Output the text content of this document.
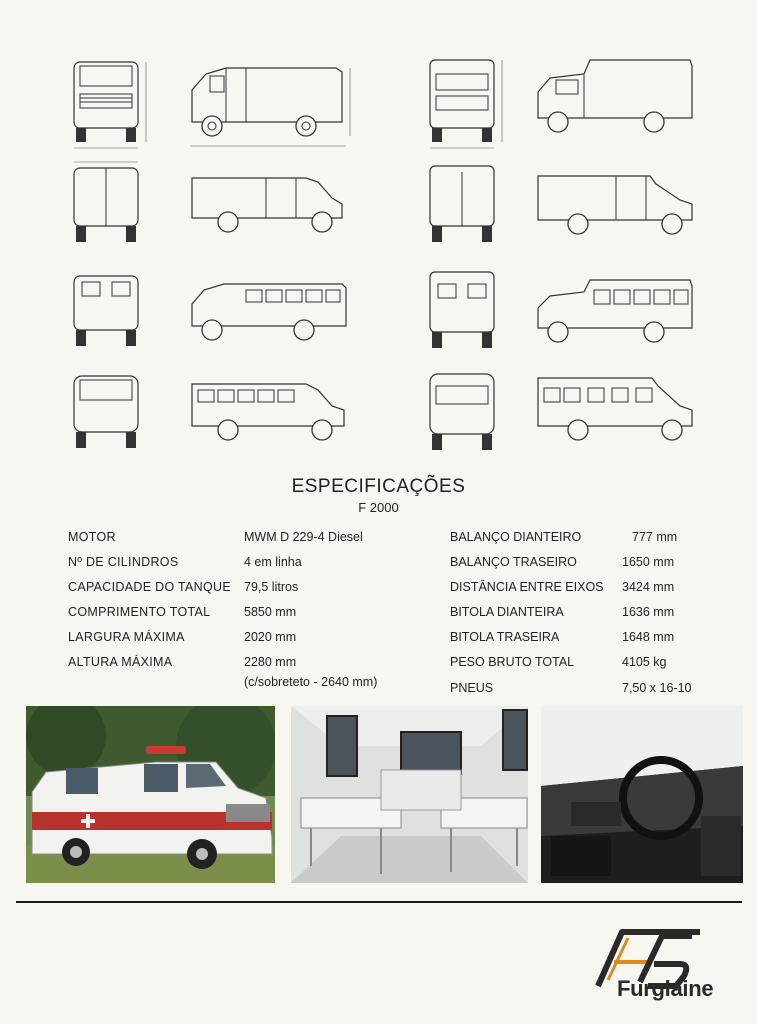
ESPECIFICAÇÕES
F 2000
MOTOR	MWM D 229-4 Diesel
Nº DE CILINDROS	4 em linha
CAPACIDADE DO TANQUE 79,5 litros
COMPRIMENTO TOTAL	5850 mm
LARGURA MÁXIMA	2020 mm
ALTURA MÁXIMA	2280 mm
(c/sobreteto - 2640 mm)
BALANÇO DIANTEIRO	777 mm
BALANÇO TRASEIRO	1650 mm
DISTÂNCIA ENTRE EIXOS 3424 mm
BITOLA DIANTEIRA	1636 mm
BITOLA TRASEIRA	1648 mm
PESO BRUTO TOTAL	4105 kg
PNEUS	7,50 x 16-10
Furglaine
